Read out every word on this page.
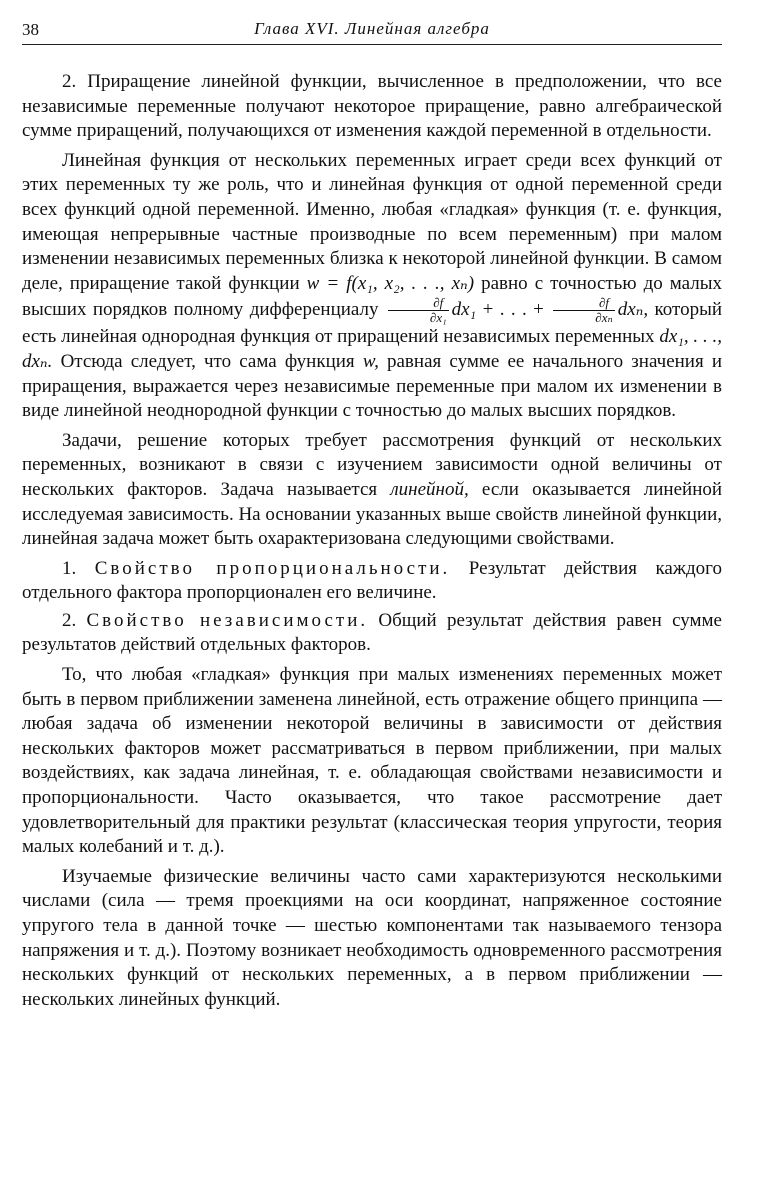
38	Глава XVI. Линейная алгебра

2. Приращение линейной функции, вычисленное в предположении, что все независимые переменные получают некоторое приращение, равно алгебраической сумме приращений, получающихся от изменения каждой переменной в отдельности.

Линейная функция от нескольких переменных играет среди всех функций от этих переменных ту же роль, что и линейная функция от одной переменной среди всех функций одной переменной. Именно, любая «гладкая» функция (т. е. функция, имеющая непрерывные частные производные по всем переменным) при малом изменении независимых переменных близка к некоторой линейной функции. В самом деле, приращение такой функции w = f(x₁, x₂, . . ., xₙ) равно с точностью до малых высших порядков полному дифференциалу $\frac{\partial f}{\text{∂x₁}} dx_1$ + . . . + $\frac{\partial f}{\text{∂xₙ}} dx_n$, который есть линейная однородная функция от приращений независимых переменных dx₁, . . ., dxₙ. Отсюда следует, что сама функция w, равная сумме ее начального значения и приращения, выражается через независимые переменные при малом их изменении в виде линейной неоднородной функции с точностью до малых высших порядков.

Задачи, решение которых требует рассмотрения функций от нескольких переменных, возникают в связи с изучением зависимости одной величины от нескольких факторов. Задача называется линейной, если оказывается линейной исследуемая зависимость. На основании указанных выше свойств линейной функции, линейная задача может быть охарактеризована следующими свойствами.

1. Свойство пропорциональности. Результат действия каждого отдельного фактора пропорционален его величине.

2. Свойство независимости. Общий результат действия равен сумме результатов действий отдельных факторов.

То, что любая «гладкая» функция при малых изменениях переменных может быть в первом приближении заменена линейной, есть отражение общего принципа — любая задача об изменении некоторой величины в зависимости от действия нескольких факторов может рассматриваться в первом приближении, при малых воздействиях, как задача линейная, т. е. обладающая свойствами независимости и пропорциональности. Часто оказывается, что такое рассмотрение дает удовлетворительный для практики результат (классическая теория упругости, теория малых колебаний и т. д.).

Изучаемые физические величины часто сами характеризуются несколькими числами (сила — тремя проекциями на оси координат, напряженное состояние упругого тела в данной точке — шестью компонентами так называемого тензора напряжения и т. д.). Поэтому возникает необходимость одновременного рассмотрения нескольких функций от нескольких переменных, а в первом приближении — нескольких линейных функций.
